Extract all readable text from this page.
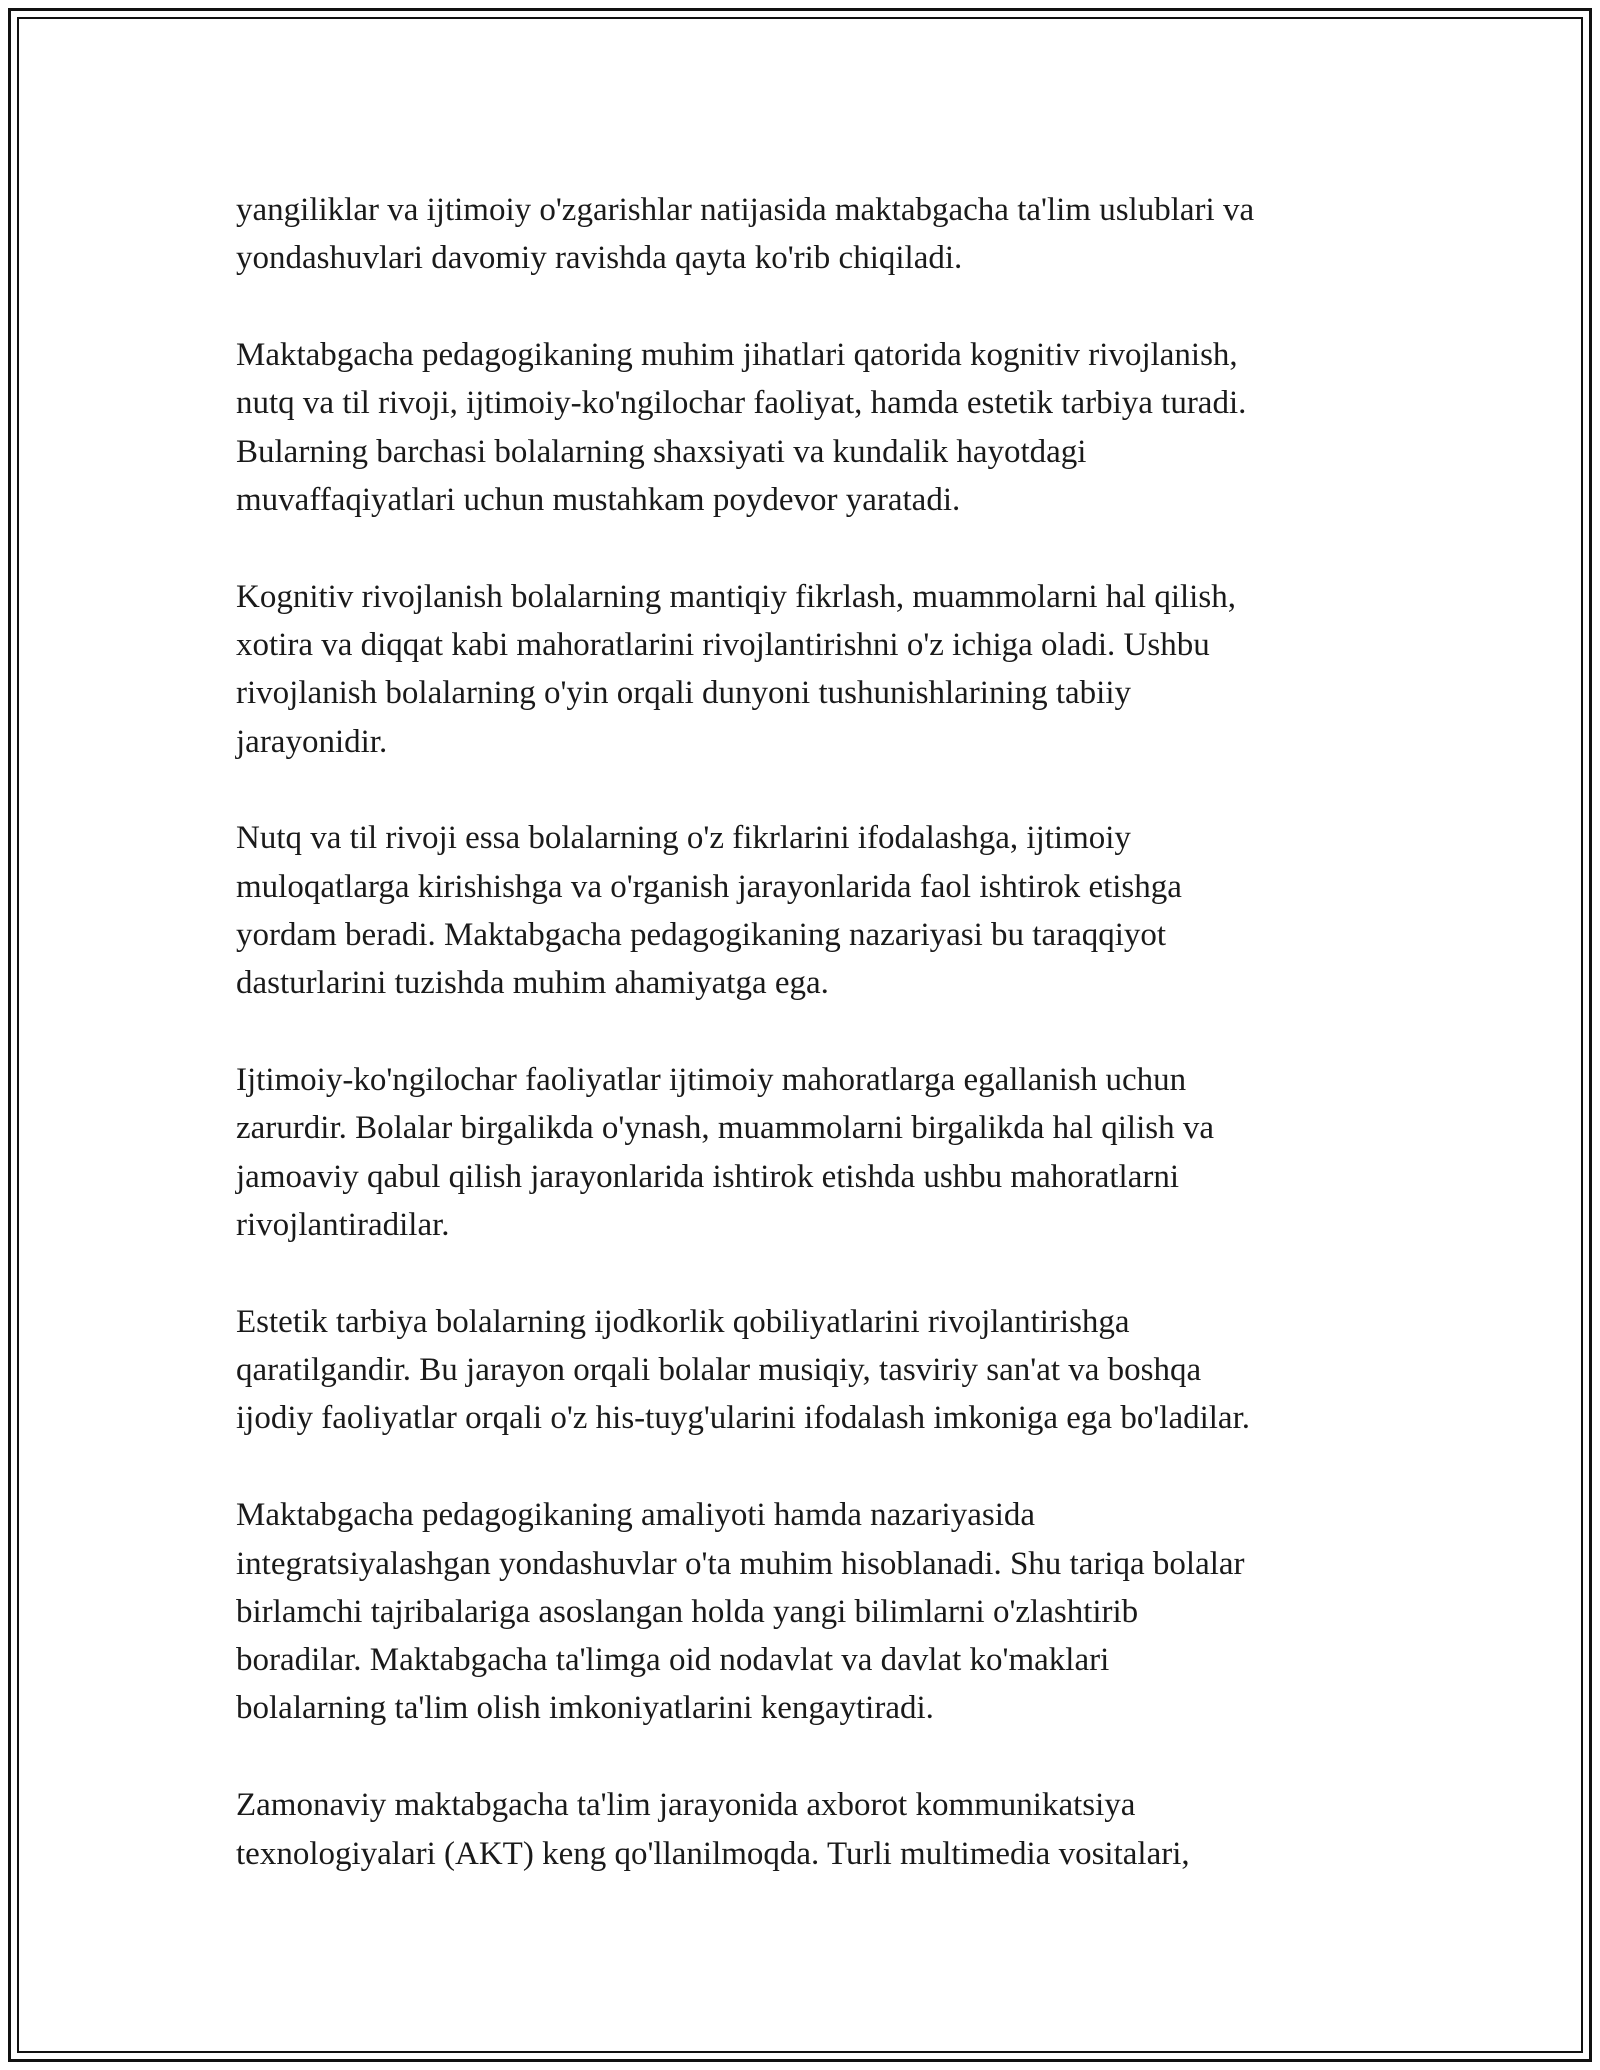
yangiliklar va ijtimoiy o'zgarishlar natijasida maktabgacha ta'lim uslublari va
yondashuvlari davomiy ravishda qayta ko'rib chiqiladi.

Maktabgacha pedagogikaning muhim jihatlari qatorida kognitiv rivojlanish,
nutq va til rivoji, ijtimoiy-ko'ngilochar faoliyat, hamda estetik tarbiya turadi.
Bularning barchasi bolalarning shaxsiyati va kundalik hayotdagi
muvaffaqiyatlari uchun mustahkam poydevor yaratadi.

Kognitiv rivojlanish bolalarning mantiqiy fikrlash, muammolarni hal qilish,
xotira va diqqat kabi mahoratlarini rivojlantirishni o'z ichiga oladi. Ushbu
rivojlanish bolalarning o'yin orqali dunyoni tushunishlarining tabiiy
jarayonidir.

Nutq va til rivoji essa bolalarning o'z fikrlarini ifodalashga, ijtimoiy
muloqatlarga kirishishga va o'rganish jarayonlarida faol ishtirok etishga
yordam beradi. Maktabgacha pedagogikaning nazariyasi bu taraqqiyot
dasturlarini tuzishda muhim ahamiyatga ega.

Ijtimoiy-ko'ngilochar faoliyatlar ijtimoiy mahoratlarga egallanish uchun
zarurdir. Bolalar birgalikda o'ynash, muammolarni birgalikda hal qilish va
jamoaviy qabul qilish jarayonlarida ishtirok etishda ushbu mahoratlarni
rivojlantiradilar.

Estetik tarbiya bolalarning ijodkorlik qobiliyatlarini rivojlantirishga
qaratilgandir. Bu jarayon orqali bolalar musiqiy, tasviriy san'at va boshqa
ijodiy faoliyatlar orqali o'z his-tuyg'ularini ifodalash imkoniga ega bo'ladilar.

Maktabgacha pedagogikaning amaliyoti hamda nazariyasida
integratsiyalashgan yondashuvlar o'ta muhim hisoblanadi. Shu tariqa bolalar
birlamchi tajribalariga asoslangan holda yangi bilimlarni o'zlashtirib
boradilar. Maktabgacha ta'limga oid nodavlat va davlat ko'maklari
bolalarning ta'lim olish imkoniyatlarini kengaytiradi.

Zamonaviy maktabgacha ta'lim jarayonida axborot kommunikatsiya
texnologiyalari (AKT) keng qo'llanilmoqda. Turli multimedia vositalari,
